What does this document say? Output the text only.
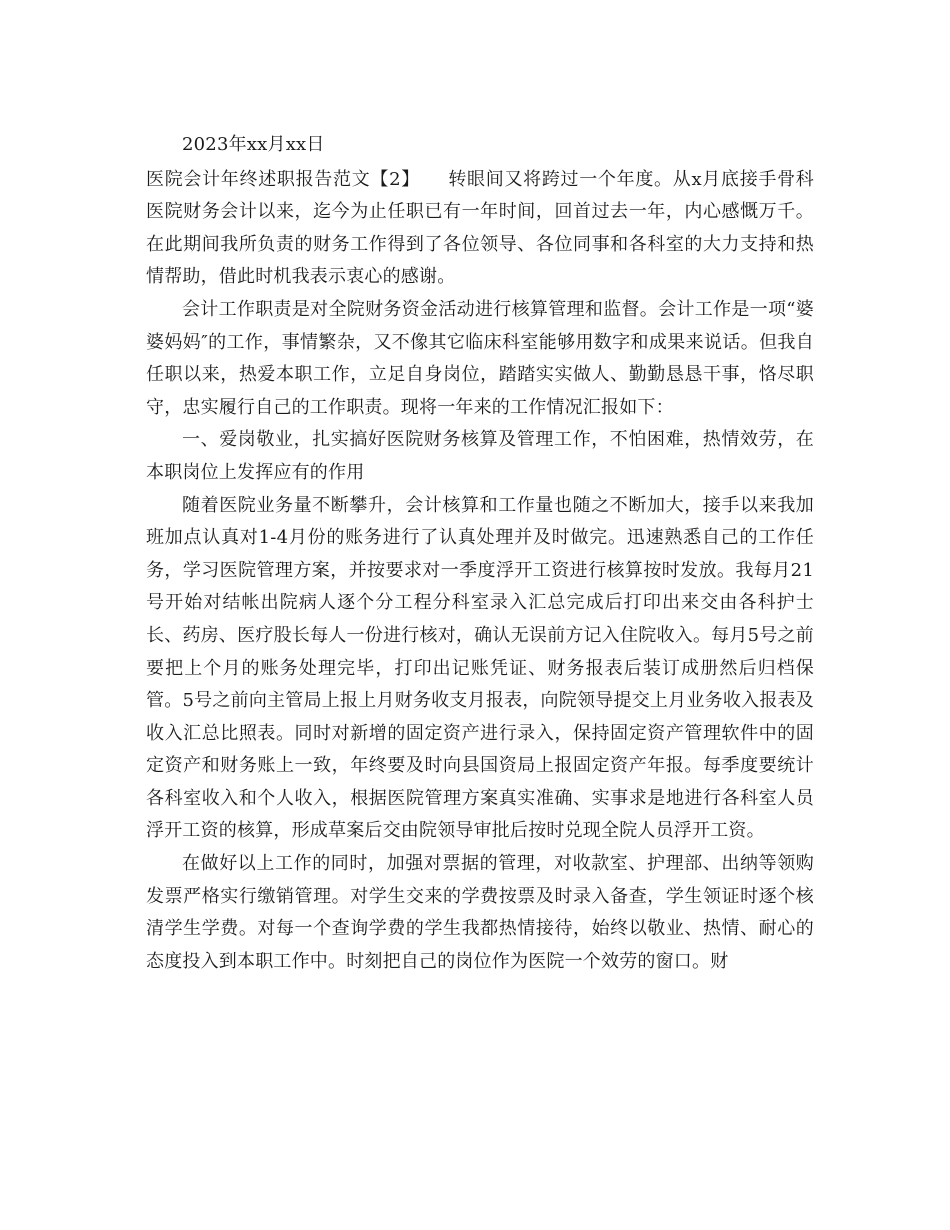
2023年xx月xx日

医院会计年终述职报告范文【2】　　转眼间又将跨过一个年度。从x月底接手骨科医院财务会计以来，迄今为止任职已有一年时间，回首过去一年，内心感慨万千。在此期间我所负责的财务工作得到了各位领导、各位同事和各科室的大力支持和热情帮助，借此时机我表示衷心的感谢。

会计工作职责是对全院财务资金活动进行核算管理和监督。会计工作是一项“婆婆妈妈″的工作，事情繁杂，又不像其它临床科室能够用数字和成果来说话。但我自任职以来，热爱本职工作，立足自身岗位，踏踏实实做人、勤勤恳恳干事，恪尽职守，忠实履行自己的工作职责。现将一年来的工作情况汇报如下：

一、爱岗敬业，扎实搞好医院财务核算及管理工作，不怕困难，热情效劳，在本职岗位上发挥应有的作用

随着医院业务量不断攀升，会计核算和工作量也随之不断加大，接手以来我加班加点认真对1-4月份的账务进行了认真处理并及时做完。迅速熟悉自己的工作任务，学习医院管理方案，并按要求对一季度浮开工资进行核算按时发放。我每月21号开始对结帐出院病人逐个分工程分科室录入汇总完成后打印出来交由各科护士长、药房、医疗股长每人一份进行核对，确认无误前方记入住院收入。每月5号之前要把上个月的账务处理完毕，打印出记账凭证、财务报表后装订成册然后归档保管。5号之前向主管局上报上月财务收支月报表，向院领导提交上月业务收入报表及收入汇总比照表。同时对新增的固定资产进行录入，保持固定资产管理软件中的固定资产和财务账上一致，年终要及时向县国资局上报固定资产年报。每季度要统计各科室收入和个人收入，根据医院管理方案真实准确、实事求是地进行各科室人员浮开工资的核算，形成草案后交由院领导审批后按时兑现全院人员浮开工资。

在做好以上工作的同时，加强对票据的管理，对收款室、护理部、出纳等领购发票严格实行缴销管理。对学生交来的学费按票及时录入备查，学生领证时逐个核清学生学费。对每一个查询学费的学生我都热情接待，始终以敬业、热情、耐心的态度投入到本职工作中。时刻把自己的岗位作为医院一个效劳的窗口。财
